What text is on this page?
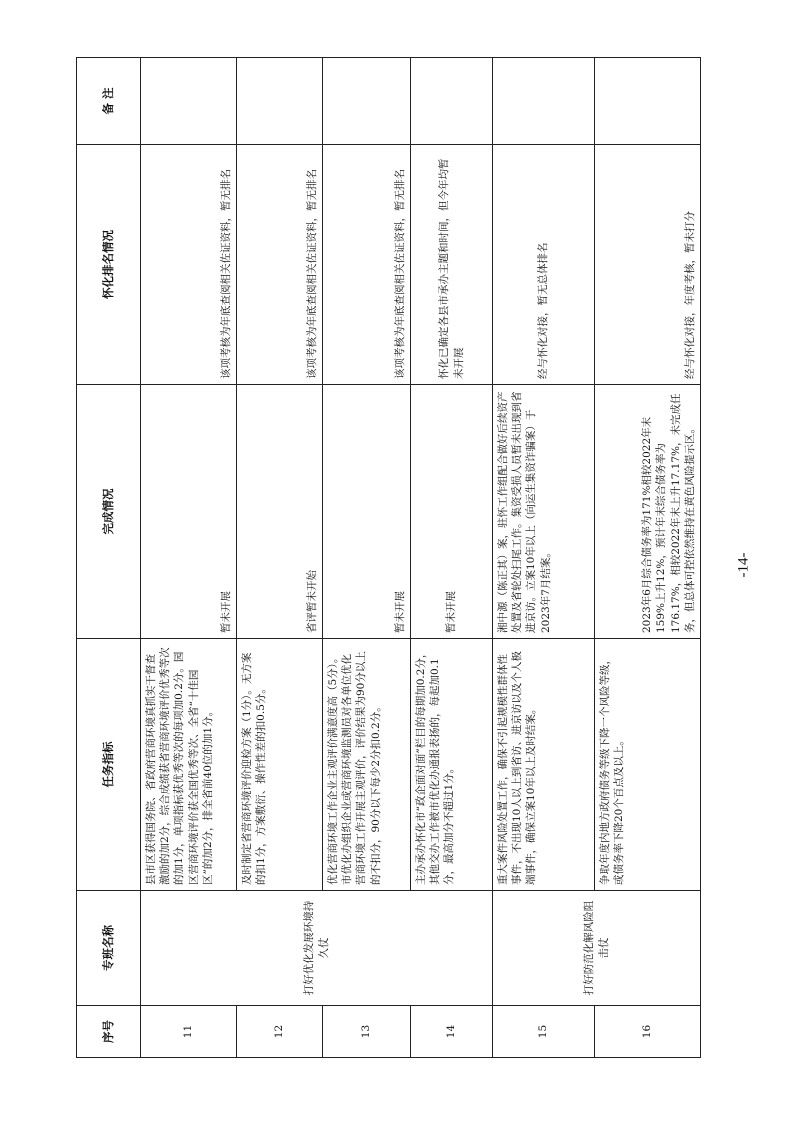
序号	专班名称	任务指标	完成情况	怀化排名情况	备 注
11	打好优化发展环境持久仗	县市区获得国务院、省政府营商环境真抓实干督查激励的加2分，综合成绩获省营商环境评价优秀等次的加1分，单项指标获优秀等次的每项加0.2分。园区营商环境评价获全国优秀等次、全省“十佳园区”的加2分，排全省前40位的加1分。	暂未开展	该项考核为年底查阅相关佐证资料，暂无排名	
12		及时制定省营商环境评价迎检方案（1分）。无方案的扣1分，方案敷衍、操作性差的扣0.5分。	省评暂未开始	该项考核为年底查阅相关佐证资料，暂无排名	
13		优化营商环境工作企业主观评价满意度高（5分）。市优化办组织企业或营商环境监测员对各单位优化营商环境工作开展主观评价，评价结果为90分以上的不扣分，90分以下每少2分扣0.2分。	暂未开展	该项考核为年底查阅相关佐证资料，暂无排名	
14		主办承办怀化市“政企面对面”栏目的每期加0.2分，其他交办工作被市优化办通报表扬的，每起加0.1分，最高加分不超过1分。	暂未开展	怀化已确定各县市承办主题和时间，但今年均暂未开展	
15	打好防范化解风险阻击仗	重大案件风险处置工作，确保不引起规模性群体性事件，不出现10人以上到省访、进京访以及个人极端事件，确保立案10年以上及时结案。	湘中源（陈正其）案，驻怀工作组配合做好后续资产处置及省轮处扫尾工作。集资受损人员暂未出现到省进京访。立案10年以上（向运生集资诈骗案）于2023年7月结案。	经与怀化对接，暂无总体排名	
16		争取年度内地方政府债务等级下降一个风险等级，或债务率下降20个百点及以上。	2023年6月综合债务率为171%相较2022年末159%上升12%，预计年末综合债务率为176.17%，相较2022年末上升17.17%，未完成任务，但总体可控依然维持在黄色风险提示区。	经与怀化对接，年度考核，暂未打分	
-14-
